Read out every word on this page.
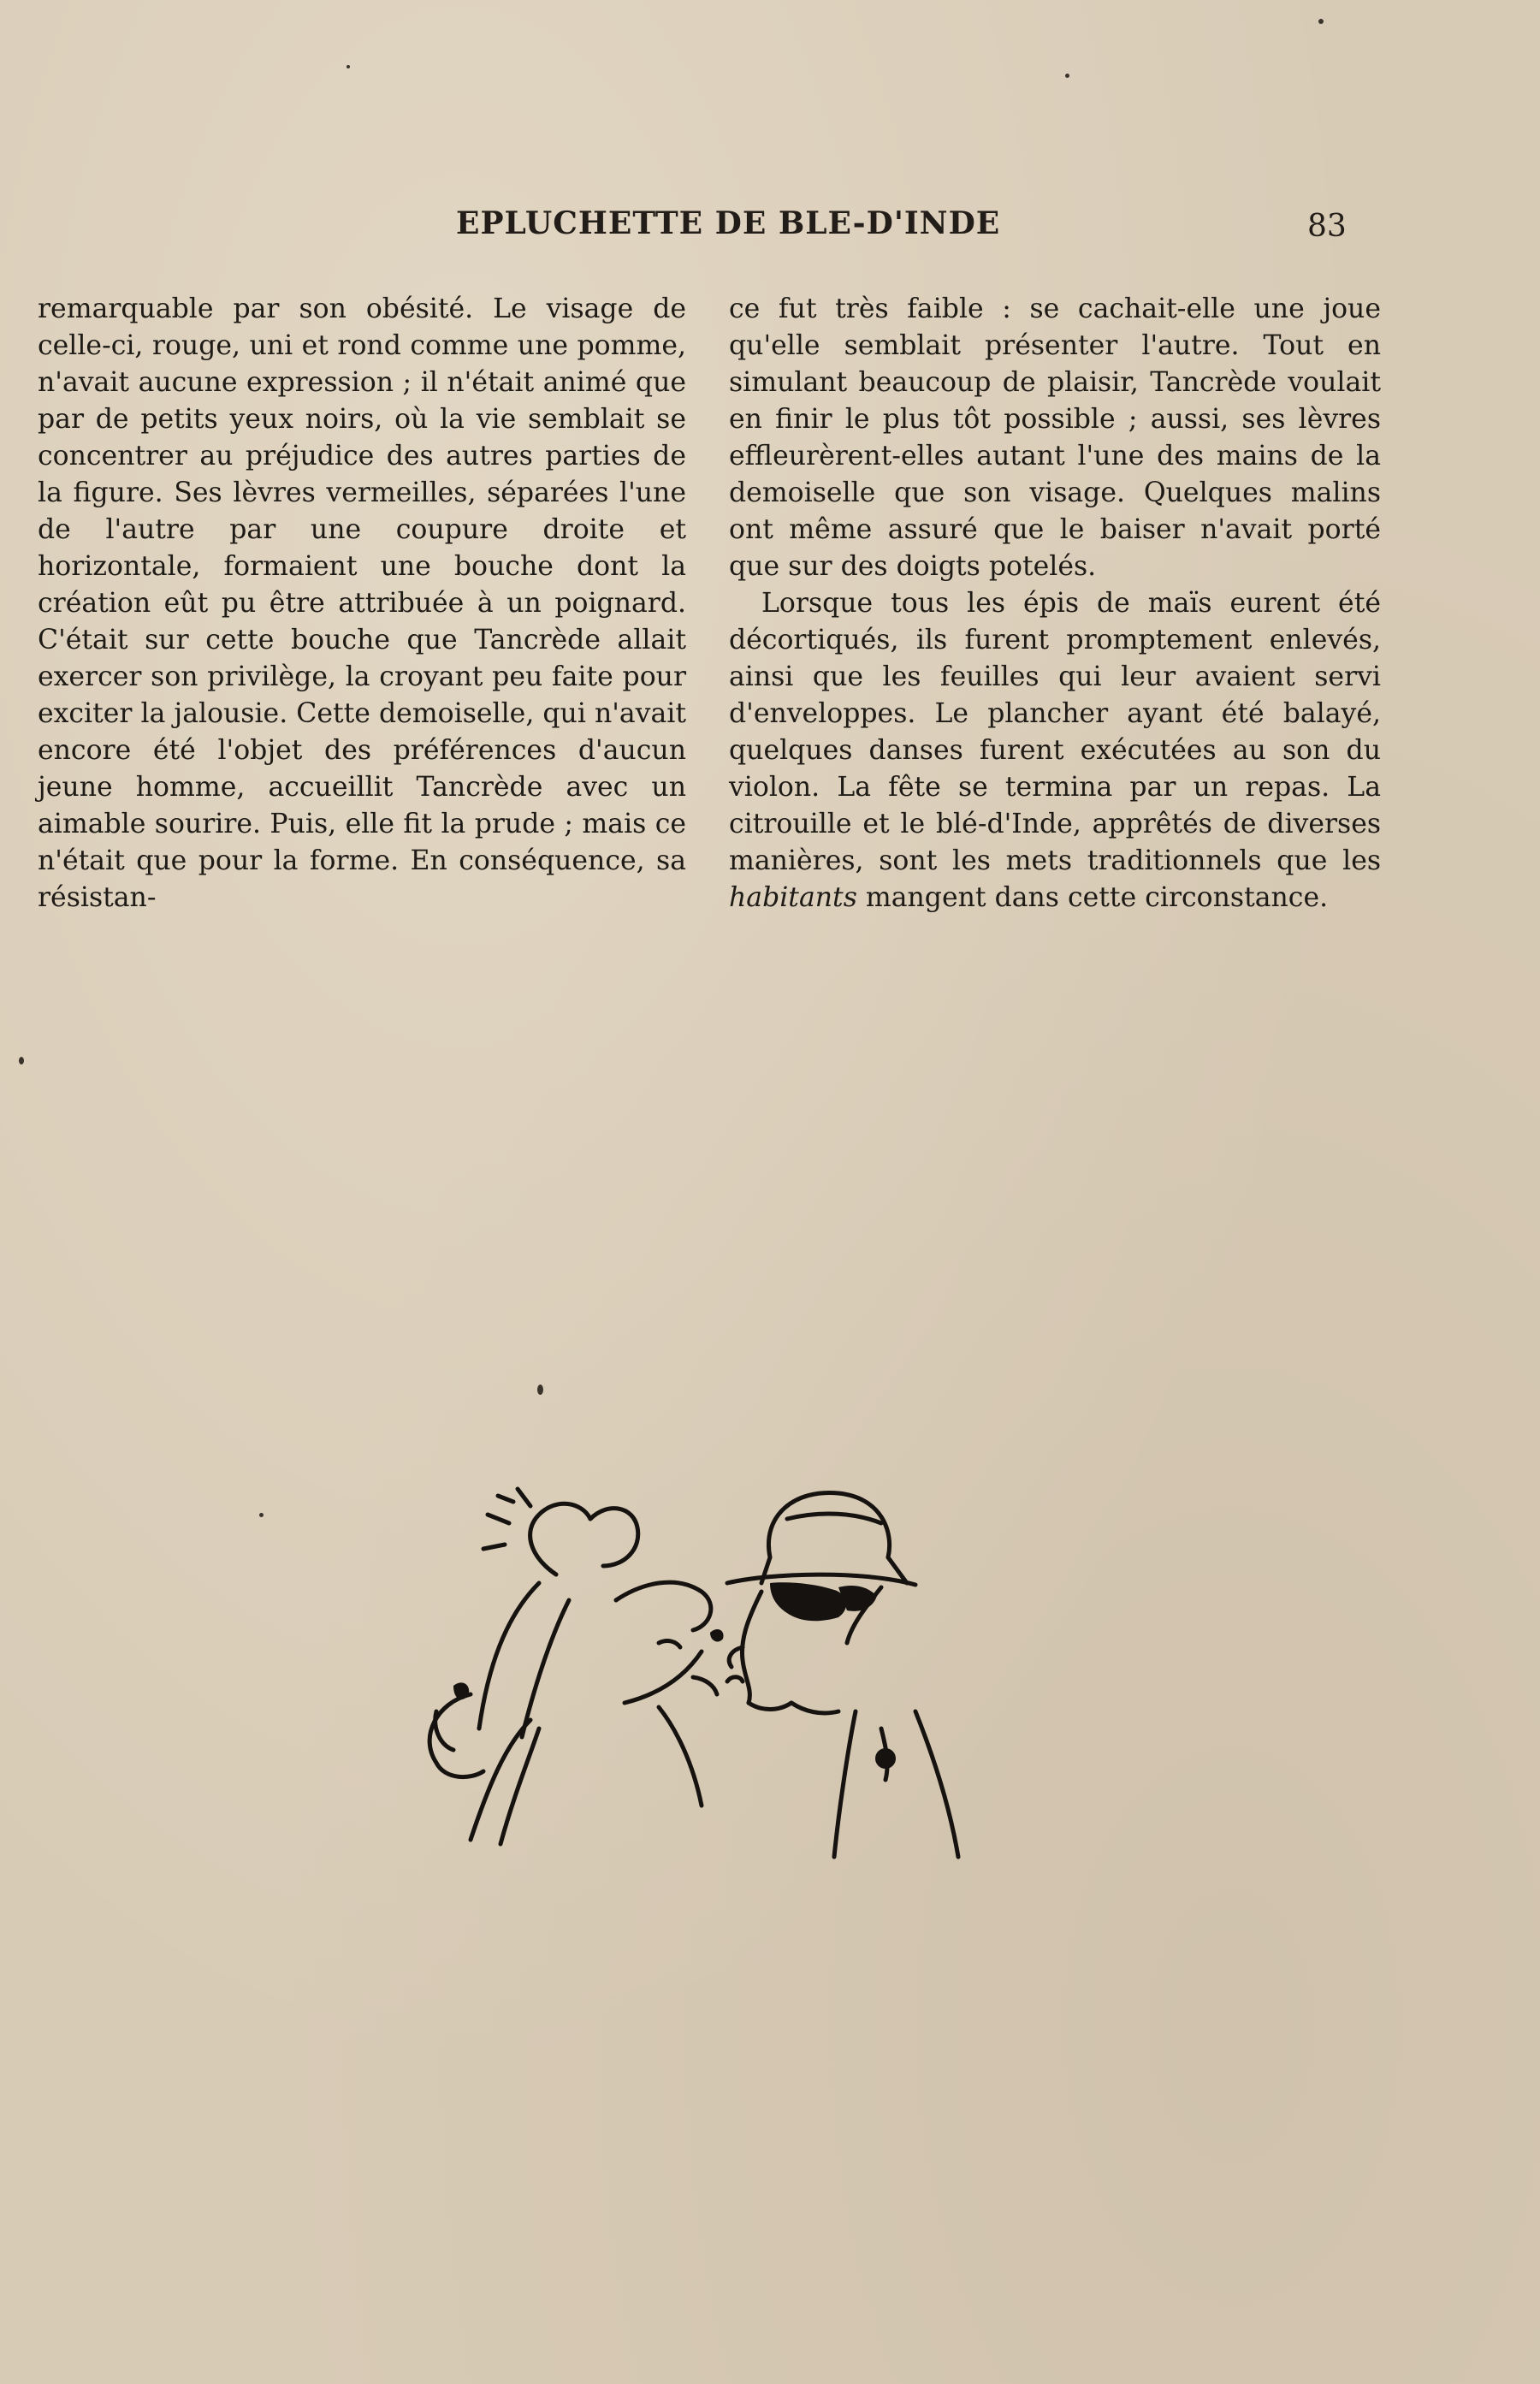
EPLUCHETTE DE BLE-D'INDE	83

remarquable par son obésité. Le visage de celle-ci, rouge, uni et rond comme une pomme, n'avait aucune expression ; il n'était animé que par de petits yeux noirs, où la vie semblait se concentrer au préjudice des autres parties de la figure. Ses lèvres vermeilles, séparées l'une de l'autre par une coupure droite et horizontale, formaient une bouche dont la création eût pu être attribuée à un poignard. C'était sur cette bouche que Tancrède allait exercer son privilège, la croyant peu faite pour exciter la jalousie. Cette demoiselle, qui n'avait encore été l'objet des préférences d'aucun jeune homme, accueillit Tancrède avec un aimable sourire. Puis, elle fit la prude ; mais ce n'était que pour la forme. En conséquence, sa résistan-

ce fut très faible : se cachait-elle une joue qu'elle semblait présenter l'autre. Tout en simulant beaucoup de plaisir, Tancrède voulait en finir le plus tôt possible ; aussi, ses lèvres effleurèrent-elles autant l'une des mains de la demoiselle que son visage. Quelques malins ont même assuré que le baiser n'avait porté que sur des doigts potelés.

Lorsque tous les épis de maïs eurent été décortiqués, ils furent promptement enlevés, ainsi que les feuilles qui leur avaient servi d'enveloppes. Le plancher ayant été balayé, quelques danses furent exécutées au son du violon. La fête se termina par un repas. La citrouille et le blé-d'Inde, apprêtés de diverses manières, sont les mets traditionnels que les habitants mangent dans cette circonstance.
